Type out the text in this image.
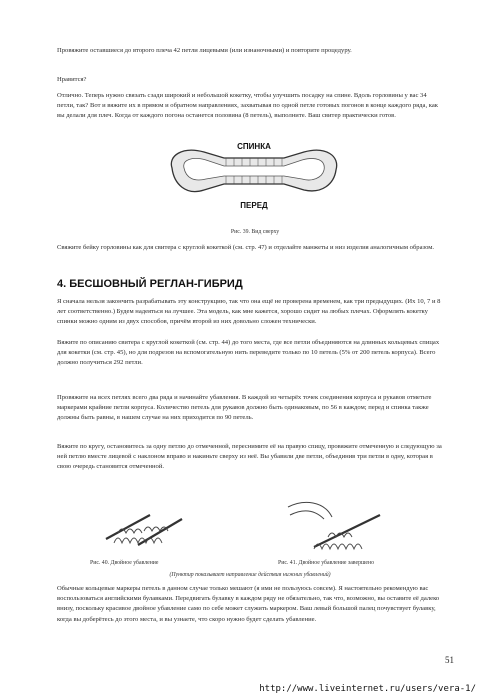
Провяжите оставшиеся до второго плеча 42 петли лицевыми (или изнаночными) и повторите процедуру.

Нравится?

Отлично. Теперь нужно связать сзади широкий и небольшой кокетку, чтобы улучшить посадку на спине. Вдоль горловины у вас 34 петли, так? Вот и вяжите их в прямом и обратном направлениях, захватывая по одной петле готовых погонов в конце каждого ряда, как вы делали для плеч. Когда от каждого погона останется половина (8 петель), выполните. Ваш свитер практически готов.

СПИНКА
ПЕРЕД

Рис. 39. Вид сверху

Свяжите бейку горловины как для свитера с круглой кокеткой (см. стр. 47) и отделайте манжеты и низ изделия аналогичным образом.

4. БЕСШОВНЫЙ РЕГЛАН-ГИБРИД

Я сначала нельзя закончить разрабатывать эту конструкцию, так что она ещё не проверена временем, как три предыдущих. (Их 10, 7 и 8 лет соответственно.) Будем надеяться на лучшее. Эта модель, как мне кажется, хорошо сидит на любых плечах. Оформлять кокетку спинки можно одним из двух способов, причём второй из них довольно сложен технически.

Вяжите по описанию свитера с круглой кокеткой (см. стр. 44) до того места, где все петли объединяются на длинных кольцевых спицах для кокетки (см. стр. 45), но для подрезов на вспомогательную нить переведите только по 10 петель (5% от 200 петель корпуса). Всего должно получиться 292 петли.

Провяжите на всех петлях всего два ряда и начинайте убавления. В каждой из четырёх точек соединения корпуса и рукавов отметьте маркерами крайние петли корпуса. Количество петель для рукавов должно быть одинаковым, по 56 в каждом; перед и спинка также должны быть равны, в нашем случае на них приходится по 90 петель.

Вяжите по кругу, остановитесь за одну петлю до отмеченной, переснимите её на правую спицу, провяжите отмеченную и следующую за ней петлю вместе лицевой с наклоном вправо и накиньте сверху из неё. Вы убавили две петли, объединив три петли в одну, которая в свою очередь становится отмеченной.

Рис. 40. Двойное убавление	Рис. 41. Двойное убавление завершено

(Пунктир показывает направление действия нижних убавлений)

Обычные кольцевые маркеры петель в данном случае только мешают (я ими не пользуюсь совсем). Я настоятельно рекомендую вас воспользоваться английскими булавками. Передвигать булавку в каждом ряду не обязательно, так что, возможно, вы оставите её далеко внизу, поскольку красивое двойное убавление само по себе может служить маркером. Ваш левый большой палец почувствует булавку, когда вы доберётесь до этого места, и вы узнаете, что скоро нужно будет сделать убавление.

51
http://www.liveinternet.ru/users/vera-1/
